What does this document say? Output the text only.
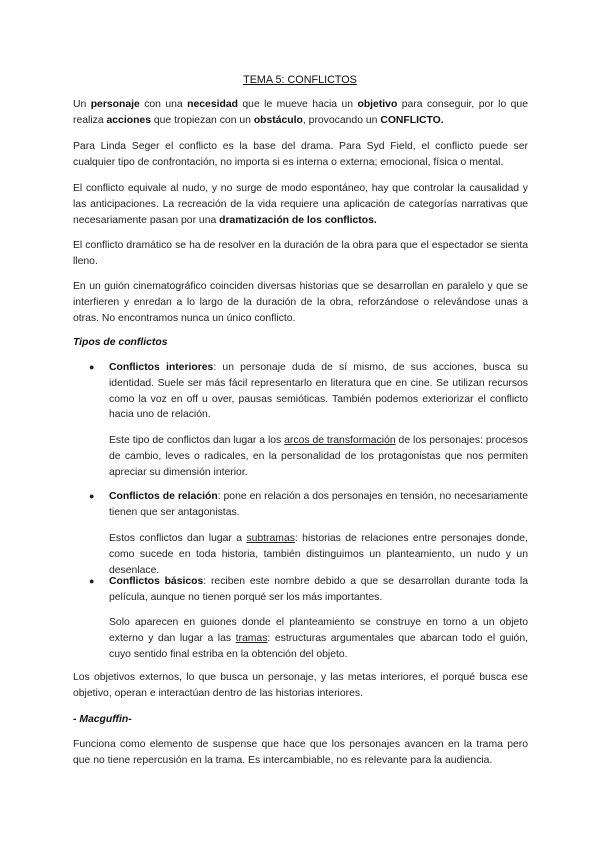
TEMA 5: CONFLICTOS
Un personaje con una necesidad que le mueve hacia un objetivo para conseguir, por lo que realiza acciones que tropiezan con un obstáculo, provocando un CONFLICTO.
Para Linda Seger el conflicto es la base del drama. Para Syd Field, el conflicto puede ser cualquier tipo de confrontación, no importa si es interna o externa; emocional, física o mental.
El conflicto equivale al nudo, y no surge de modo espontáneo, hay que controlar la causalidad y las anticipaciones. La recreación de la vida requiere una aplicación de categorías narrativas que necesariamente pasan por una dramatización de los conflictos.
El conflicto dramático se ha de resolver en la duración de la obra para que el espectador se sienta lleno.
En un guión cinematográfico coinciden diversas historias que se desarrollan en paralelo y que se interfieren y enredan a lo largo de la duración de la obra, reforzándose o relevándose unas a otras. No encontramos nunca un único conflicto.
Tipos de conflictos
● Conflictos interiores: un personaje duda de sí mismo, de sus acciones, busca su identidad. Suele ser más fácil representarlo en literatura que en cine. Se utilizan recursos como la voz en off u over, pausas semióticas. También podemos exteriorizar el conflicto hacia uno de relación.
Este tipo de conflictos dan lugar a los arcos de transformación de los personajes: procesos de cambio, leves o radicales, en la personalidad de los protagonistas que nos permiten apreciar su dimensión interior.
● Conflictos de relación: pone en relación a dos personajes en tensión, no necesariamente tienen que ser antagonistas.
Estos conflictos dan lugar a subtramas: historias de relaciones entre personajes donde, como sucede en toda historia, también distinguimos un planteamiento, un nudo y un desenlace.
● Conflictos básicos: reciben este nombre debido a que se desarrollan durante toda la película, aunque no tienen porqué ser los más importantes.
Solo aparecen en guiones donde el planteamiento se construye en torno a un objeto externo y dan lugar a las tramas: estructuras argumentales que abarcan todo el guión, cuyo sentido final estriba en la obtención del objeto.
Los objetivos externos, lo que busca un personaje, y las metas interiores, el porqué busca ese objetivo, operan e interactúan dentro de las historias interiores.
- Macguffin-
Funciona como elemento de suspense que hace que los personajes avancen en la trama pero que no tiene repercusión en la trama. Es intercambiable, no es relevante para la audiencia.
